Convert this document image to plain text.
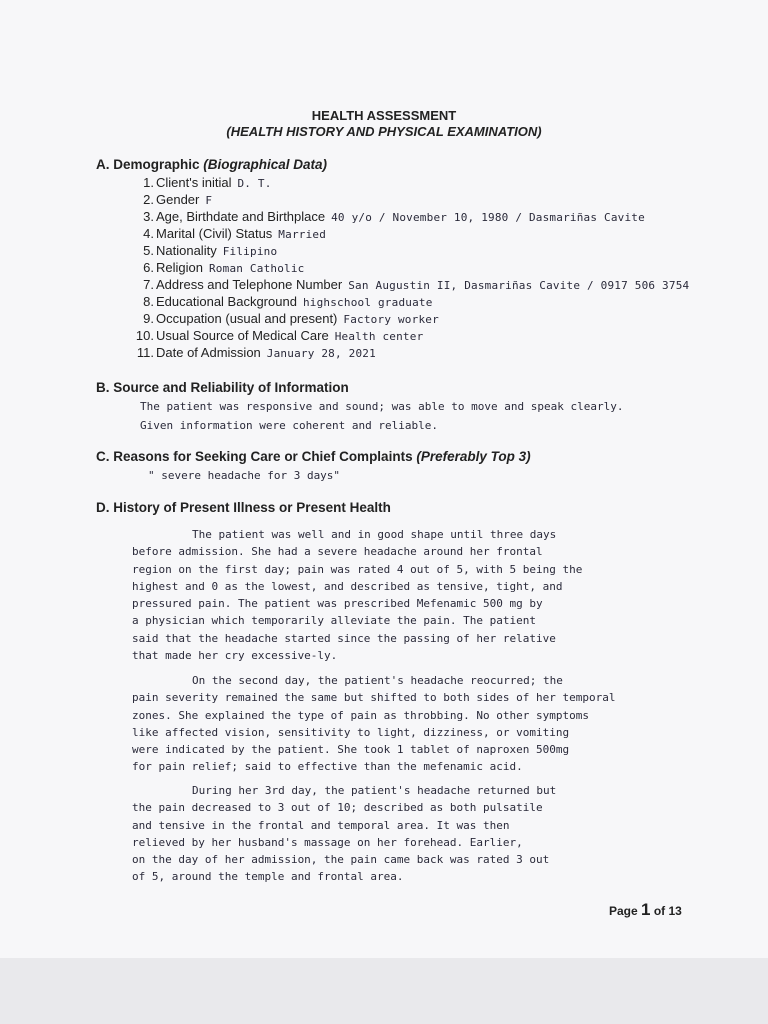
HEALTH ASSESSMENT
(HEALTH HISTORY AND PHYSICAL EXAMINATION)
A. Demographic (Biographical Data)
1. Client's initial D. T.
2. Gender F
3. Age, Birthdate and Birthplace 40 y/o / November 10, 1980 / Dasmariñas Cavite
4. Marital (Civil) Status Married
5. Nationality Filipino
6. Religion Roman Catholic
7. Address and Telephone Number San Augustin II, Dasmariñas Cavite / 0917 506 3754
8. Educational Background highschool graduate
9. Occupation (usual and present) Factory worker
10. Usual Source of Medical Care Health center
11. Date of Admission January 28, 2021
B. Source and Reliability of Information
The patient was responsive and sound; was able to move and speak clearly.
Given information were coherent and reliable.
C. Reasons for Seeking Care or Chief Complaints (Preferably Top 3)
" severe headache for 3 days"
D. History of Present Illness or Present Health
The patient was well and in good shape until three days
before admission. She had a severe headache around her frontal
region on the first day; pain was rated 4 out of 5, with 5 being the
highest and 0 as the lowest, and described as tensive, tight, and
pressured pain. The patient was prescribed Mefenamic 500 mg by
a physician which temporarily alleviate the pain. The patient
said that the headache started since the passing of her relative
that made her cry excessive-ly.
On the second day, the patient's headache reocurred; the
pain severity remained the same but shifted to both sides of her temporal
zones. She explained the type of pain as throbbing. No other symptoms
like affected vision, sensitivity to light, dizziness, or vomiting
were indicated by the patient. She took 1 tablet of naproxen 500mg
for pain relief; said to effective than the mefenamic acid.
During her 3rd day, the patient's headache returned but
the pain decreased to 3 out of 10; described as both pulsatile
and tensive in the frontal and temporal area. It was then
relieved by her husband's massage on her forehead. Earlier,
on the day of her admission, the pain came back was rated 3 out
of 5, around the temple and frontal area.
Page 1 of 13
